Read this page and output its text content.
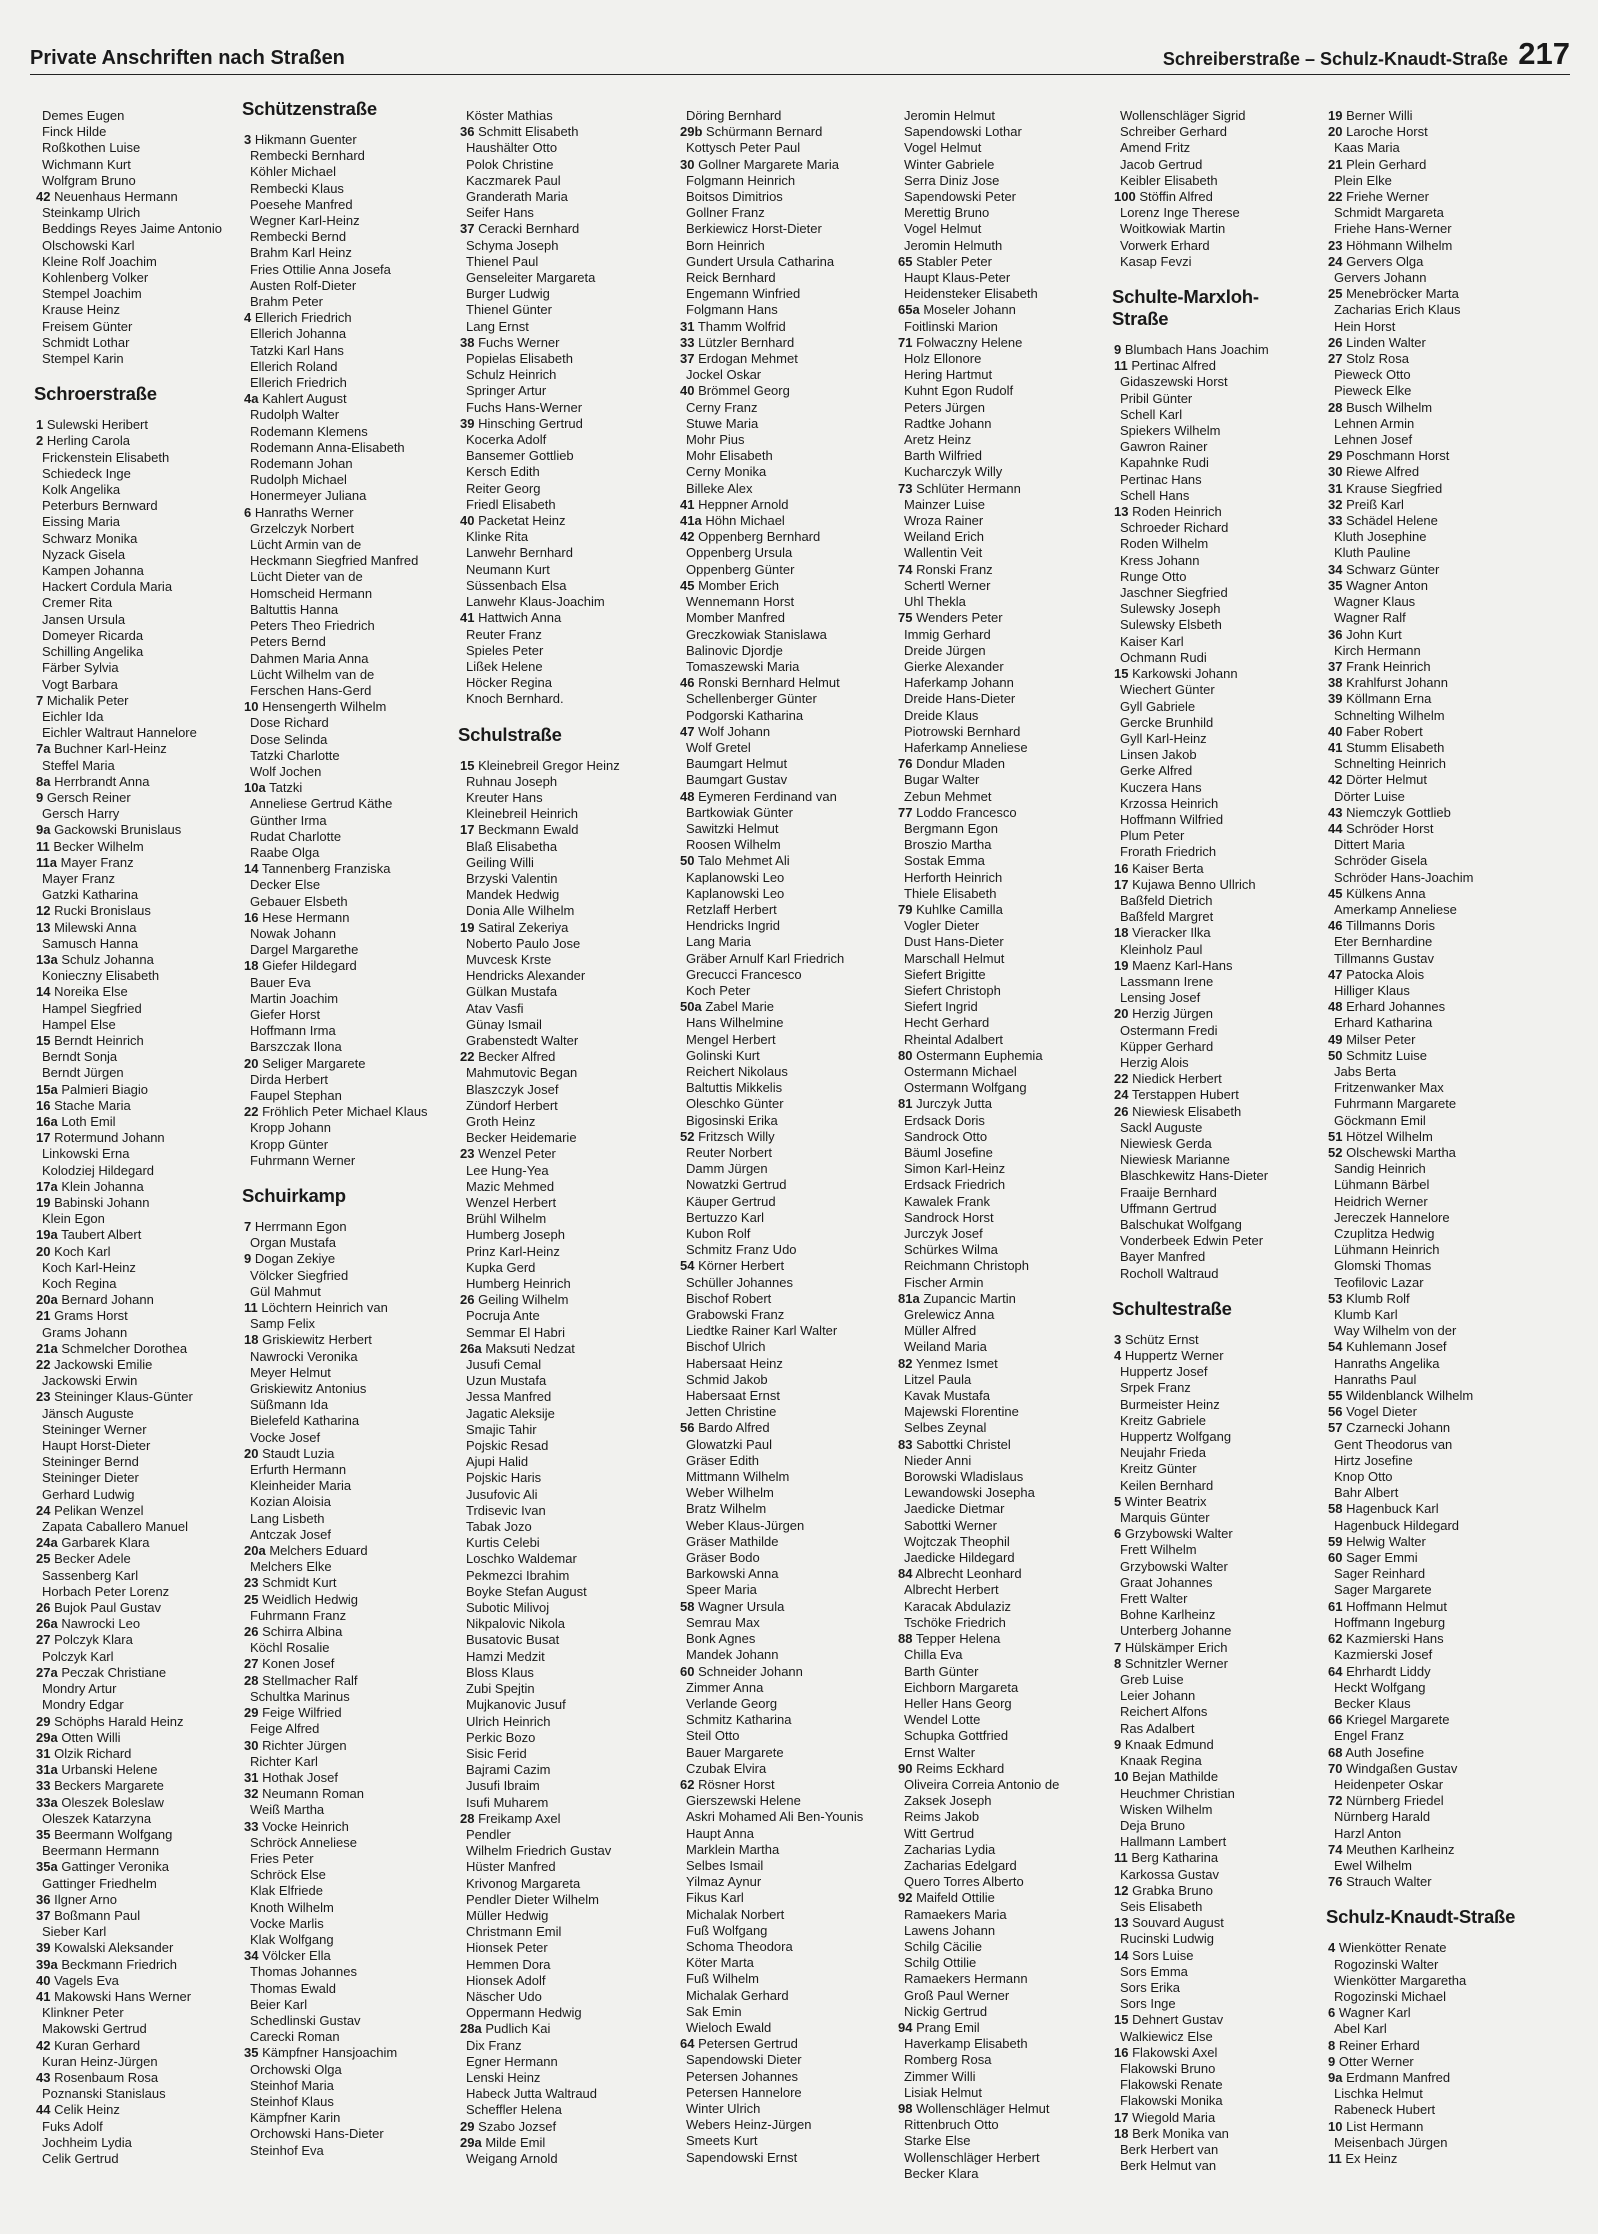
Private Anschriften nach Straßen	Schreiberstraße – Schulz-Knaudt-Straße 217
Demes Eugen
Finck Hilde
Roßkothen Luise
Wichmann Kurt
Wolfgram Bruno
42 Neuenhaus Hermann
Steinkamp Ulrich
Beddings Reyes Jaime Antonio
Olschowski Karl
Kleine Rolf Joachim
Kohlenberg Volker
Stempel Joachim
Krause Heinz
Freisem Günter
Schmidt Lothar
Stempel Karin
Schroerstraße
1 Sulewski Heribert
2 Herling Carola
Frickenstein Elisabeth
Schiedeck Inge
Kolk Angelika
Peterburs Bernward
Eissing Maria
Schwarz Monika
Nyzack Gisela
Kampen Johanna
Hackert Cordula Maria
Cremer Rita
Jansen Ursula
Domeyer Ricarda
Schilling Angelika
Färber Sylvia
Vogt Barbara
7 Michalik Peter
Eichler Ida
Eichler Waltraut Hannelore
7a Buchner Karl-Heinz
Steffel Maria
8a Herrbrandt Anna
9 Gersch Reiner
Gersch Harry
9a Gackowski Brunislaus
11 Becker Wilhelm
11a Mayer Franz
Mayer Franz
Gatzki Katharina
12 Rucki Bronislaus
13 Milewski Anna
Samusch Hanna
13a Schulz Johanna
Konieczny Elisabeth
14 Noreika Else
Hampel Siegfried
Hampel Else
15 Berndt Heinrich
Berndt Sonja
Berndt Jürgen
15a Palmieri Biagio
16 Stache Maria
16a Loth Emil
17 Rotermund Johann
Linkowski Erna
Kolodziej Hildegard
17a Klein Johanna
19 Babinski Johann
Klein Egon
19a Taubert Albert
20 Koch Karl
Koch Karl-Heinz
Koch Regina
20a Bernard Johann
21 Grams Horst
Grams Johann
21a Schmelcher Dorothea
22 Jackowski Emilie
Jackowski Erwin
23 Steininger Klaus-Günter
Jänsch Auguste
Steininger Werner
Haupt Horst-Dieter
Steininger Bernd
Steininger Dieter
Gerhard Ludwig
24 Pelikan Wenzel
Zapata Caballero Manuel
24a Garbarek Klara
25 Becker Adele
Sassenberg Karl
Horbach Peter Lorenz
26 Bujok Paul Gustav
26a Nawrocki Leo
27 Polczyk Klara
Polczyk Karl
27a Peczak Christiane
Mondry Artur
Mondry Edgar
29 Schöphs Harald Heinz
29a Otten Willi
31 Olzik Richard
31a Urbanski Helene
33 Beckers Margarete
33a Oleszek Boleslaw
Oleszek Katarzyna
35 Beermann Wolfgang
Beermann Hermann
35a Gattinger Veronika
Gattinger Friedhelm
36 Ilgner Arno
37 Boßmann Paul
Sieber Karl
39 Kowalski Aleksander
39a Beckmann Friedrich
40 Vagels Eva
41 Makowski Hans Werner
Klinkner Peter
Makowski Gertrud
42 Kuran Gerhard
Kuran Heinz-Jürgen
43 Rosenbaum Rosa
Poznanski Stanislaus
44 Celik Heinz
Fuks Adolf
Jochheim Lydia
Celik Gertrud
Schützenstraße
3 Hikmann Guenter
Rembecki Bernhard
Köhler Michael
Rembecki Klaus
Poesehe Manfred
Wegner Karl-Heinz
Rembecki Bernd
Brahm Karl Heinz
Fries Ottilie Anna Josefa
Austen Rolf-Dieter
Brahm Peter
4 Ellerich Friedrich
Ellerich Johanna
Tatzki Karl Hans
Ellerich Roland
Ellerich Friedrich
4a Kahlert August
Rudolph Walter
Rodemann Klemens
Rodemann Anna-Elisabeth
Rodemann Johan
Rudolph Michael
Honermeyer Juliana
6 Hanraths Werner
Grzelczyk Norbert
Lücht Armin van de
Heckmann Siegfried Manfred
Lücht Dieter van de
Homscheid Hermann
Baltuttis Hanna
Peters Theo Friedrich
Peters Bernd
Dahmen Maria Anna
Lücht Wilhelm van de
Ferschen Hans-Gerd
10 Hensengerth Wilhelm
Dose Richard
Dose Selinda
Tatzki Charlotte
Wolf Jochen
10a Tatzki
Anneliese Gertrud Käthe
Günther Irma
Rudat Charlotte
Raabe Olga
14 Tannenberg Franziska
Decker Else
Gebauer Elsbeth
16 Hese Hermann
Nowak Johann
Dargel Margarethe
18 Giefer Hildegard
Bauer Eva
Martin Joachim
Giefer Horst
Hoffmann Irma
Barszczak Ilona
20 Seliger Margarete
Dirda Herbert
Faupel Stephan
22 Fröhlich Peter Michael Klaus
Kropp Johann
Kropp Günter
Fuhrmann Werner
Schuirkamp
7 Herrmann Egon
Organ Mustafa
9 Dogan Zekiye
Völcker Siegfried
Gül Mahmut
11 Löchtern Heinrich van
Samp Felix
18 Griskiewitz Herbert
Nawrocki Veronika
Meyer Helmut
Griskiewitz Antonius
Süßmann Ida
Bielefeld Katharina
Vocke Josef
20 Staudt Luzia
Erfurth Hermann
Kleinheider Maria
Kozian Aloisia
Lang Lisbeth
Antczak Josef
20a Melchers Eduard
Melchers Elke
23 Schmidt Kurt
25 Weidlich Hedwig
Fuhrmann Franz
26 Schirra Albina
Köchl Rosalie
27 Konen Josef
28 Stellmacher Ralf
Schultka Marinus
29 Feige Wilfried
Feige Alfred
30 Richter Jürgen
Richter Karl
31 Hothak Josef
32 Neumann Roman
Weiß Martha
33 Vocke Heinrich
Schröck Anneliese
Fries Peter
Schröck Else
Klak Elfriede
Knoth Wilhelm
Vocke Marlis
Klak Wolfgang
34 Völcker Ella
Thomas Johannes
Thomas Ewald
Beier Karl
Schedlinski Gustav
Carecki Roman
35 Kämpfner Hansjoachim
Orchowski Olga
Steinhof Maria
Steinhof Klaus
Kämpfner Karin
Orchowski Hans-Dieter
Steinhof Eva
Köster Mathias
36 Schmitt Elisabeth
Haushälter Otto
Polok Christine
Kaczmarek Paul
Granderath Maria
Seifer Hans
37 Ceracki Bernhard
Schyma Joseph
Thienel Paul
Genseleiter Margareta
Burger Ludwig
Thienel Günter
Lang Ernst
38 Fuchs Werner
Popielas Elisabeth
Schulz Heinrich
Springer Artur
Fuchs Hans-Werner
39 Hinsching Gertrud
Kocerka Adolf
Bansemer Gottlieb
Kersch Edith
Reiter Georg
Friedl Elisabeth
40 Packetat Heinz
Klinke Rita
Lanwehr Bernhard
Neumann Kurt
Süssenbach Elsa
Lanwehr Klaus-Joachim
41 Hattwich Anna
Reuter Franz
Spieles Peter
Lißek Helene
Höcker Regina
Knoch Bernhard.
Schulstraße
15 Kleinebreil Gregor Heinz
Ruhnau Joseph
Kreuter Hans
Kleinebreil Heinrich
17 Beckmann Ewald
Blaß Elisabetha
Geiling Willi
Brzyski Valentin
Mandek Hedwig
Donia Alle Wilhelm
19 Satiral Zekeriya
Noberto Paulo Jose
Muvcesk Krste
Hendricks Alexander
Gülkan Mustafa
Atav Vasfi
Günay Ismail
Grabenstedt Walter
22 Becker Alfred
Mahmutovic Began
Blaszczyk Josef
Zündorf Herbert
Groth Heinz
Becker Heidemarie
23 Wenzel Peter
Lee Hung-Yea
Mazic Mehmed
Wenzel Herbert
Brühl Wilhelm
Humberg Joseph
Prinz Karl-Heinz
Kupka Gerd
Humberg Heinrich
26 Geiling Wilhelm
Pocruja Ante
Semmar El Habri
26a Maksuti Nedzat
Jusufi Cemal
Uzun Mustafa
Jessa Manfred
Jagatic Aleksije
Smajic Tahir
Pojskic Resad
Ajupi Halid
Pojskic Haris
Jusufovic Ali
Trdisevic Ivan
Tabak Jozo
Kurtis Celebi
Loschko Waldemar
Pekmezci Ibrahim
Boyke Stefan August
Subotic Milivoj
Nikpalovic Nikola
Busatovic Busat
Hamzi Medzit
Bloss Klaus
Zubi Spejtin
Mujkanovic Jusuf
Ulrich Heinrich
Perkic Bozo
Sisic Ferid
Bajrami Cazim
Jusufi Ibraim
Isufi Muharem
28 Freikamp Axel
Pendler
Wilhelm Friedrich Gustav
Hüster Manfred
Krivonog Margareta
Pendler Dieter Wilhelm
Müller Hedwig
Christmann Emil
Hionsek Peter
Hemmen Dora
Hionsek Adolf
Näscher Udo
Oppermann Hedwig
28a Pudlich Kai
Dix Franz
Egner Hermann
Lenski Heinz
Habeck Jutta Waltraud
Scheffler Helena
29 Szabo Jozsef
29a Milde Emil
Weigang Arnold
Döring Bernhard
29b Schürmann Bernard
Kottysch Peter Paul
30 Gollner Margarete Maria
Folgmann Heinrich
Boitsos Dimitrios
Gollner Franz
Berkiewicz Horst-Dieter
Born Heinrich
Gundert Ursula Catharina
Reick Bernhard
Engemann Winfried
Folgmann Hans
31 Thamm Wolfrid
33 Lützler Bernhard
37 Erdogan Mehmet
Jockel Oskar
40 Brömmel Georg
Cerny Franz
Stuwe Maria
Mohr Pius
Mohr Elisabeth
Cerny Monika
Billeke Alex
41 Heppner Arnold
41a Höhn Michael
42 Oppenberg Bernhard
Oppenberg Ursula
Oppenberg Günter
45 Momber Erich
Wennemann Horst
Momber Manfred
Greczkowiak Stanislawa
Balinovic Djordje
Tomaszewski Maria
46 Ronski Bernhard Helmut
Schellenberger Günter
Podgorski Katharina
47 Wolf Johann
Wolf Gretel
Baumgart Helmut
Baumgart Gustav
48 Eymeren Ferdinand van
Bartkowiak Günter
Sawitzki Helmut
Roosen Wilhelm
50 Talo Mehmet Ali
Kaplanowski Leo
Kaplanowski Leo
Retzlaff Herbert
Hendricks Ingrid
Lang Maria
Gräber Arnulf Karl Friedrich
Grecucci Francesco
Koch Peter
50a Zabel Marie
Hans Wilhelmine
Mengel Herbert
Golinski Kurt
Reichert Nikolaus
Baltuttis Mikkelis
Oleschko Günter
Bigosinski Erika
52 Fritzsch Willy
Reuter Norbert
Damm Jürgen
Nowatzki Gertrud
Käuper Gertrud
Bertuzzo Karl
Kubon Rolf
Schmitz Franz Udo
54 Körner Herbert
Schüller Johannes
Bischof Robert
Grabowski Franz
Liedtke Rainer Karl Walter
Bischof Ulrich
Habersaat Heinz
Schmid Jakob
Habersaat Ernst
Jetten Christine
56 Bardo Alfred
Glowatzki Paul
Gräser Edith
Mittmann Wilhelm
Weber Wilhelm
Bratz Wilhelm
Weber Klaus-Jürgen
Gräser Mathilde
Gräser Bodo
Barkowski Anna
Speer Maria
58 Wagner Ursula
Semrau Max
Bonk Agnes
Mandek Johann
60 Schneider Johann
Zimmer Anna
Verlande Georg
Schmitz Katharina
Steil Otto
Bauer Margarete
Czubak Elvira
62 Rösner Horst
Gierszewski Helene
Askri Mohamed Ali Ben-Younis
Haupt Anna
Marklein Martha
Selbes Ismail
Yilmaz Aynur
Fikus Karl
Michalak Norbert
Fuß Wolfgang
Schoma Theodora
Köter Marta
Fuß Wilhelm
Michalak Gerhard
Sak Emin
Wieloch Ewald
64 Petersen Gertrud
Sapendowski Dieter
Petersen Johannes
Petersen Hannelore
Winter Ulrich
Webers Heinz-Jürgen
Smeets Kurt
Sapendowski Ernst
Jeromin Helmut
Sapendowski Lothar
Vogel Helmut
Winter Gabriele
Serra Diniz Jose
Sapendowski Peter
Merettig Bruno
Vogel Helmut
Jeromin Helmuth
65 Stabler Peter
Haupt Klaus-Peter
Heidensteker Elisabeth
65a Moseler Johann
Foitlinski Marion
71 Folwaczny Helene
Holz Ellonore
Hering Hartmut
Kuhnt Egon Rudolf
Peters Jürgen
Radtke Johann
Aretz Heinz
Barth Wilfried
Kucharczyk Willy
73 Schlüter Hermann
Mainzer Luise
Wroza Rainer
Weiland Erich
Wallentin Veit
74 Ronski Franz
Schertl Werner
Uhl Thekla
75 Wenders Peter
Immig Gerhard
Dreide Jürgen
Gierke Alexander
Haferkamp Johann
Dreide Hans-Dieter
Dreide Klaus
Piotrowski Bernhard
Haferkamp Anneliese
76 Dondur Mladen
Bugar Walter
Zebun Mehmet
77 Loddo Francesco
Bergmann Egon
Broszio Martha
Sostak Emma
Herforth Heinrich
Thiele Elisabeth
79 Kuhlke Camilla
Vogler Dieter
Dust Hans-Dieter
Marschall Helmut
Siefert Brigitte
Siefert Christoph
Siefert Ingrid
Hecht Gerhard
Rheintal Adalbert
80 Ostermann Euphemia
Ostermann Michael
Ostermann Wolfgang
81 Jurczyk Jutta
Erdsack Doris
Sandrock Otto
Bäuml Josefine
Simon Karl-Heinz
Erdsack Friedrich
Kawalek Frank
Sandrock Horst
Jurczyk Josef
Schürkes Wilma
Reichmann Christoph
Fischer Armin
81a Zupancic Martin
Grelewicz Anna
Müller Alfred
Weiland Maria
82 Yenmez Ismet
Litzel Paula
Kavak Mustafa
Majewski Florentine
Selbes Zeynal
83 Sabottki Christel
Nieder Anni
Borowski Wladislaus
Lewandowski Josepha
Jaedicke Dietmar
Sabottki Werner
Wojtczak Theophil
Jaedicke Hildegard
84 Albrecht Leonhard
Albrecht Herbert
Karacak Abdulaziz
Tschöke Friedrich
88 Tepper Helena
Chilla Eva
Barth Günter
Eichborn Margareta
Heller Hans Georg
Wendel Lotte
Schupka Gottfried
Ernst Walter
90 Reims Eckhard
Oliveira Correia Antonio de
Zaksek Joseph
Reims Jakob
Witt Gertrud
Zacharias Lydia
Zacharias Edelgard
Quero Torres Alberto
92 Maifeld Ottilie
Ramaekers Maria
Lawens Johann
Schilg Cäcilie
Schilg Ottilie
Ramaekers Hermann
Groß Paul Werner
Nickig Gertrud
94 Prang Emil
Haverkamp Elisabeth
Romberg Rosa
Zimmer Willi
Lisiak Helmut
98 Wollenschläger Helmut
Rittenbruch Otto
Starke Else
Wollenschläger Herbert
Becker Klara
Wollenschläger Sigrid
Schreiber Gerhard
Amend Fritz
Jacob Gertrud
Keibler Elisabeth
100 Stöffin Alfred
Lorenz Inge Therese
Woitkowiak Martin
Vorwerk Erhard
Kasap Fevzi
Schulte-Marxloh-Straße
9 Blumbach Hans Joachim
11 Pertinac Alfred
Gidaszewski Horst
Pribil Günter
Schell Karl
Spiekers Wilhelm
Gawron Rainer
Kapahnke Rudi
Pertinac Hans
Schell Hans
13 Roden Heinrich
Schroeder Richard
Roden Wilhelm
Kress Johann
Runge Otto
Jaschner Siegfried
Sulewsky Joseph
Sulewsky Elsbeth
Kaiser Karl
Ochmann Rudi
15 Karkowski Johann
Wiechert Günter
Gyll Gabriele
Gercke Brunhild
Gyll Karl-Heinz
Linsen Jakob
Gerke Alfred
Kuczera Hans
Krzossa Heinrich
Hoffmann Wilfried
Plum Peter
Frorath Friedrich
16 Kaiser Berta
17 Kujawa Benno Ullrich
Baßfeld Dietrich
Baßfeld Margret
18 Vieracker Ilka
Kleinholz Paul
19 Maenz Karl-Hans
Lassmann Irene
Lensing Josef
20 Herzig Jürgen
Ostermann Fredi
Küpper Gerhard
Herzig Alois
22 Niedick Herbert
24 Terstappen Hubert
26 Niewiesk Elisabeth
Sackl Auguste
Niewiesk Gerda
Niewiesk Marianne
Blaschkewitz Hans-Dieter
Fraaije Bernhard
Uffmann Gertrud
Balschukat Wolfgang
Vonderbeek Edwin Peter
Bayer Manfred
Rocholl Waltraud
Schultestraße
3 Schütz Ernst
4 Huppertz Werner
Huppertz Josef
Srpek Franz
Burmeister Heinz
Kreitz Gabriele
Huppertz Wolfgang
Neujahr Frieda
Kreitz Günter
Keilen Bernhard
5 Winter Beatrix
Marquis Günter
6 Grzybowski Walter
Frett Wilhelm
Grzybowski Walter
Graat Johannes
Frett Walter
Bohne Karlheinz
Unterberg Johanne
7 Hülskämper Erich
8 Schnitzler Werner
Greb Luise
Leier Johann
Reichert Alfons
Ras Adalbert
9 Knaak Edmund
Knaak Regina
10 Bejan Mathilde
Heuchmer Christian
Wisken Wilhelm
Deja Bruno
Hallmann Lambert
11 Berg Katharina
Karkossa Gustav
12 Grabka Bruno
Seis Elisabeth
13 Souvard August
Rucinski Ludwig
14 Sors Luise
Sors Emma
Sors Erika
Sors Inge
15 Dehnert Gustav
Walkiewicz Else
16 Flakowski Axel
Flakowski Bruno
Flakowski Renate
Flakowski Monika
17 Wiegold Maria
18 Berk Monika van
Berk Herbert van
Berk Helmut van
19 Berner Willi
20 Laroche Horst
Kaas Maria
21 Plein Gerhard
Plein Elke
22 Friehe Werner
Schmidt Margareta
Friehe Hans-Werner
23 Höhmann Wilhelm
24 Gervers Olga
Gervers Johann
25 Menebröcker Marta
Zacharias Erich Klaus
Hein Horst
26 Linden Walter
27 Stolz Rosa
Pieweck Otto
Pieweck Elke
28 Busch Wilhelm
Lehnen Armin
Lehnen Josef
29 Poschmann Horst
30 Riewe Alfred
31 Krause Siegfried
32 Preiß Karl
33 Schädel Helene
Kluth Josephine
Kluth Pauline
34 Schwarz Günter
35 Wagner Anton
Wagner Klaus
Wagner Ralf
36 John Kurt
Kirch Hermann
37 Frank Heinrich
38 Krahlfurst Johann
39 Köllmann Erna
Schnelting Wilhelm
40 Faber Robert
41 Stumm Elisabeth
Schnelting Heinrich
42 Dörter Helmut
Dörter Luise
43 Niemczyk Gottlieb
44 Schröder Horst
Dittert Maria
Schröder Gisela
Schröder Hans-Joachim
45 Külkens Anna
Amerkamp Anneliese
46 Tillmanns Doris
Eter Bernhardine
Tillmanns Gustav
47 Patocka Alois
Hilliger Klaus
48 Erhard Johannes
Erhard Katharina
49 Milser Peter
50 Schmitz Luise
Jabs Berta
Fritzenwanker Max
Fuhrmann Margarete
Göckmann Emil
51 Hötzel Wilhelm
52 Olschewski Martha
Sandig Heinrich
Lühmann Bärbel
Heidrich Werner
Jereczek Hannelore
Czuplitza Hedwig
Lühmann Heinrich
Glomski Thomas
Teofilovic Lazar
53 Klumb Rolf
Klumb Karl
Way Wilhelm von der
54 Kuhlemann Josef
Hanraths Angelika
Hanraths Paul
55 Wildenblanck Wilhelm
56 Vogel Dieter
57 Czarnecki Johann
Gent Theodorus van
Hirtz Josefine
Knop Otto
Bahr Albert
58 Hagenbuck Karl
Hagenbuck Hildegard
59 Helwig Walter
60 Sager Emmi
Sager Reinhard
Sager Margarete
61 Hoffmann Helmut
Hoffmann Ingeburg
62 Kazmierski Hans
Kazmierski Josef
64 Ehrhardt Liddy
Heckt Wolfgang
Becker Klaus
66 Kriegel Margarete
Engel Franz
68 Auth Josefine
70 Windgaßen Gustav
Heidenpeter Oskar
72 Nürnberg Friedel
Nürnberg Harald
Harzl Anton
74 Meuthen Karlheinz
Ewel Wilhelm
76 Strauch Walter
Schulz-Knaudt-Straße
4 Wienkötter Renate
Rogozinski Walter
Wienkötter Margaretha
Rogozinski Michael
6 Wagner Karl
Abel Karl
8 Reiner Erhard
9 Otter Werner
9a Erdmann Manfred
Lischka Helmut
Rabeneck Hubert
10 List Hermann
Meisenbach Jürgen
11 Ex Heinz
